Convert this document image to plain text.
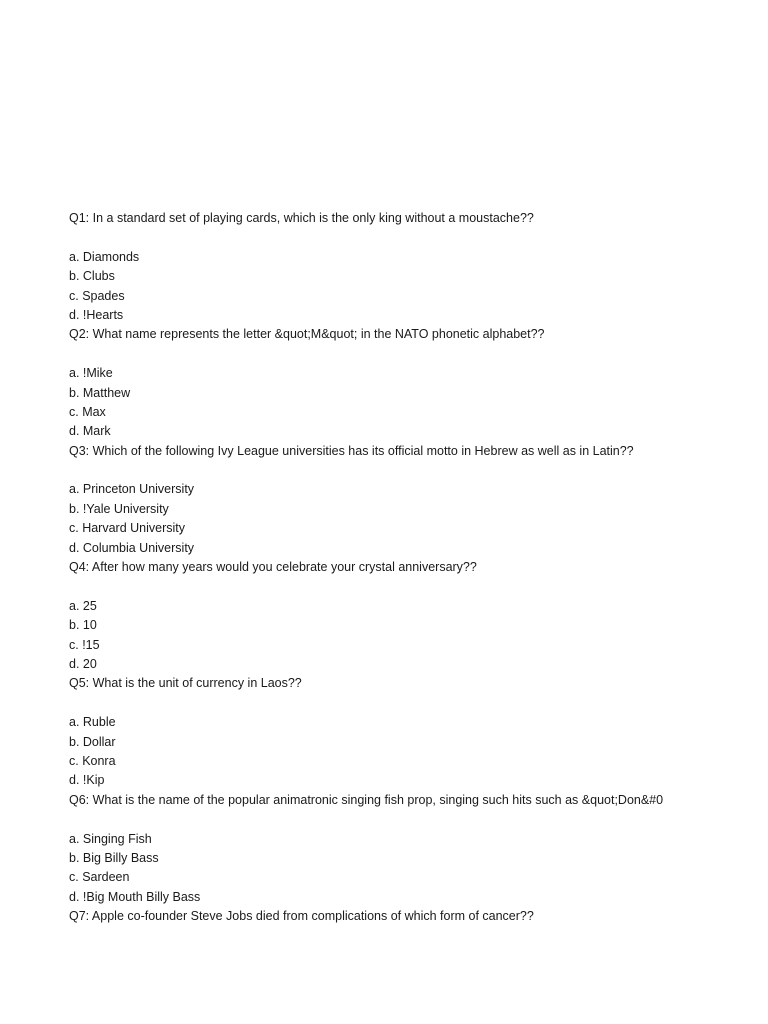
Q1: In a standard set of playing cards, which is the only king without a moustache??
a. Diamonds
b. Clubs
c. Spades
d. !Hearts
Q2: What name represents the letter &quot;M&quot; in the NATO phonetic alphabet??
a. !Mike
b. Matthew
c. Max
d. Mark
Q3: Which of the following Ivy League universities has its official motto in Hebrew as well as in Latin??
a. Princeton University
b. !Yale University
c. Harvard University
d. Columbia University
Q4: After how many years would you celebrate your crystal anniversary??
a. 25
b. 10
c. !15
d. 20
Q5: What is the unit of currency in Laos??
a. Ruble
b. Dollar
c. Konra
d. !Kip
Q6: What is the name of the popular animatronic singing fish prop, singing such hits such as &quot;Don&#0
a. Singing Fish
b. Big Billy Bass
c. Sardeen
d. !Big Mouth Billy Bass
Q7: Apple co-founder Steve Jobs died from complications of which form of cancer??
